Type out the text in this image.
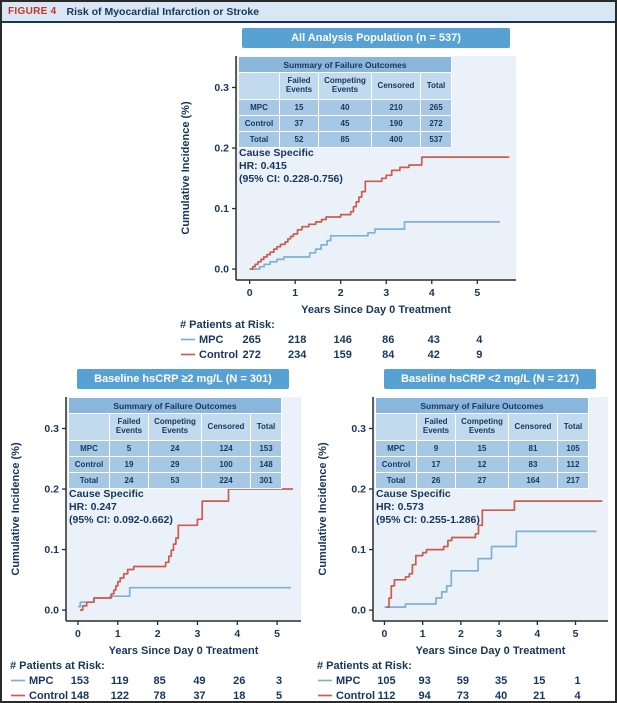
FIGURE 4 Risk of Myocardial Infarction or Stroke
All Analysis Population (n = 537)
0	1	2	3	4	5
0.0
0.1
0.2
0.3
Years Since Day 0 Treatment
Cumulative Incidence (%)
# Patients at Risk:
MPC 265 218 146	86	43	4
Control 272 234 159	84	42	9
Summary of Failure Outcomes				
	Failed Events	Competing Events	Censored	Total
MPC	15	40	210	265
Control	37	45	190	272
Total	52	85	400	537
Cause Specific
HR: 0.415
(95% CI: 0.228-0.756)
Baseline hsCRP ≥2 mg/L (N = 301)
0	1	2	3	4	5
0.0
0.1
0.2
0.3
Years Since Day 0 Treatment
Cumulative Incidence (%)
# Patients at Risk:
MPC 153 119 85	49	26	3
Control 148 122 78	37	18	5
Summary of Failure Outcomes				
	Failed Events	Competing Events	Censored	Total
MPC	5	24	124	153
Control	19	29	100	148
Total	24	53	224	301
Cause Specific
HR: 0.247
(95% CI: 0.092-0.662)
Baseline hsCRP <2 mg/L (N = 217)
0	1	2	3	4	5
0.0
0.1
0.2
0.3
Years Since Day 0 Treatment
Cumulative Incidence (%)
# Patients at Risk:
MPC 105 93 59 35 15	1
Control 112 94 73 40 21	4
Summary of Failure Outcomes				
	Failed Events	Competing Events	Censored	Total
MPC	9	15	81	105
Control	17	12	83	112
Total	26	27	164	217
Cause Specific
HR: 0.573
(95% CI: 0.255-1.286)
